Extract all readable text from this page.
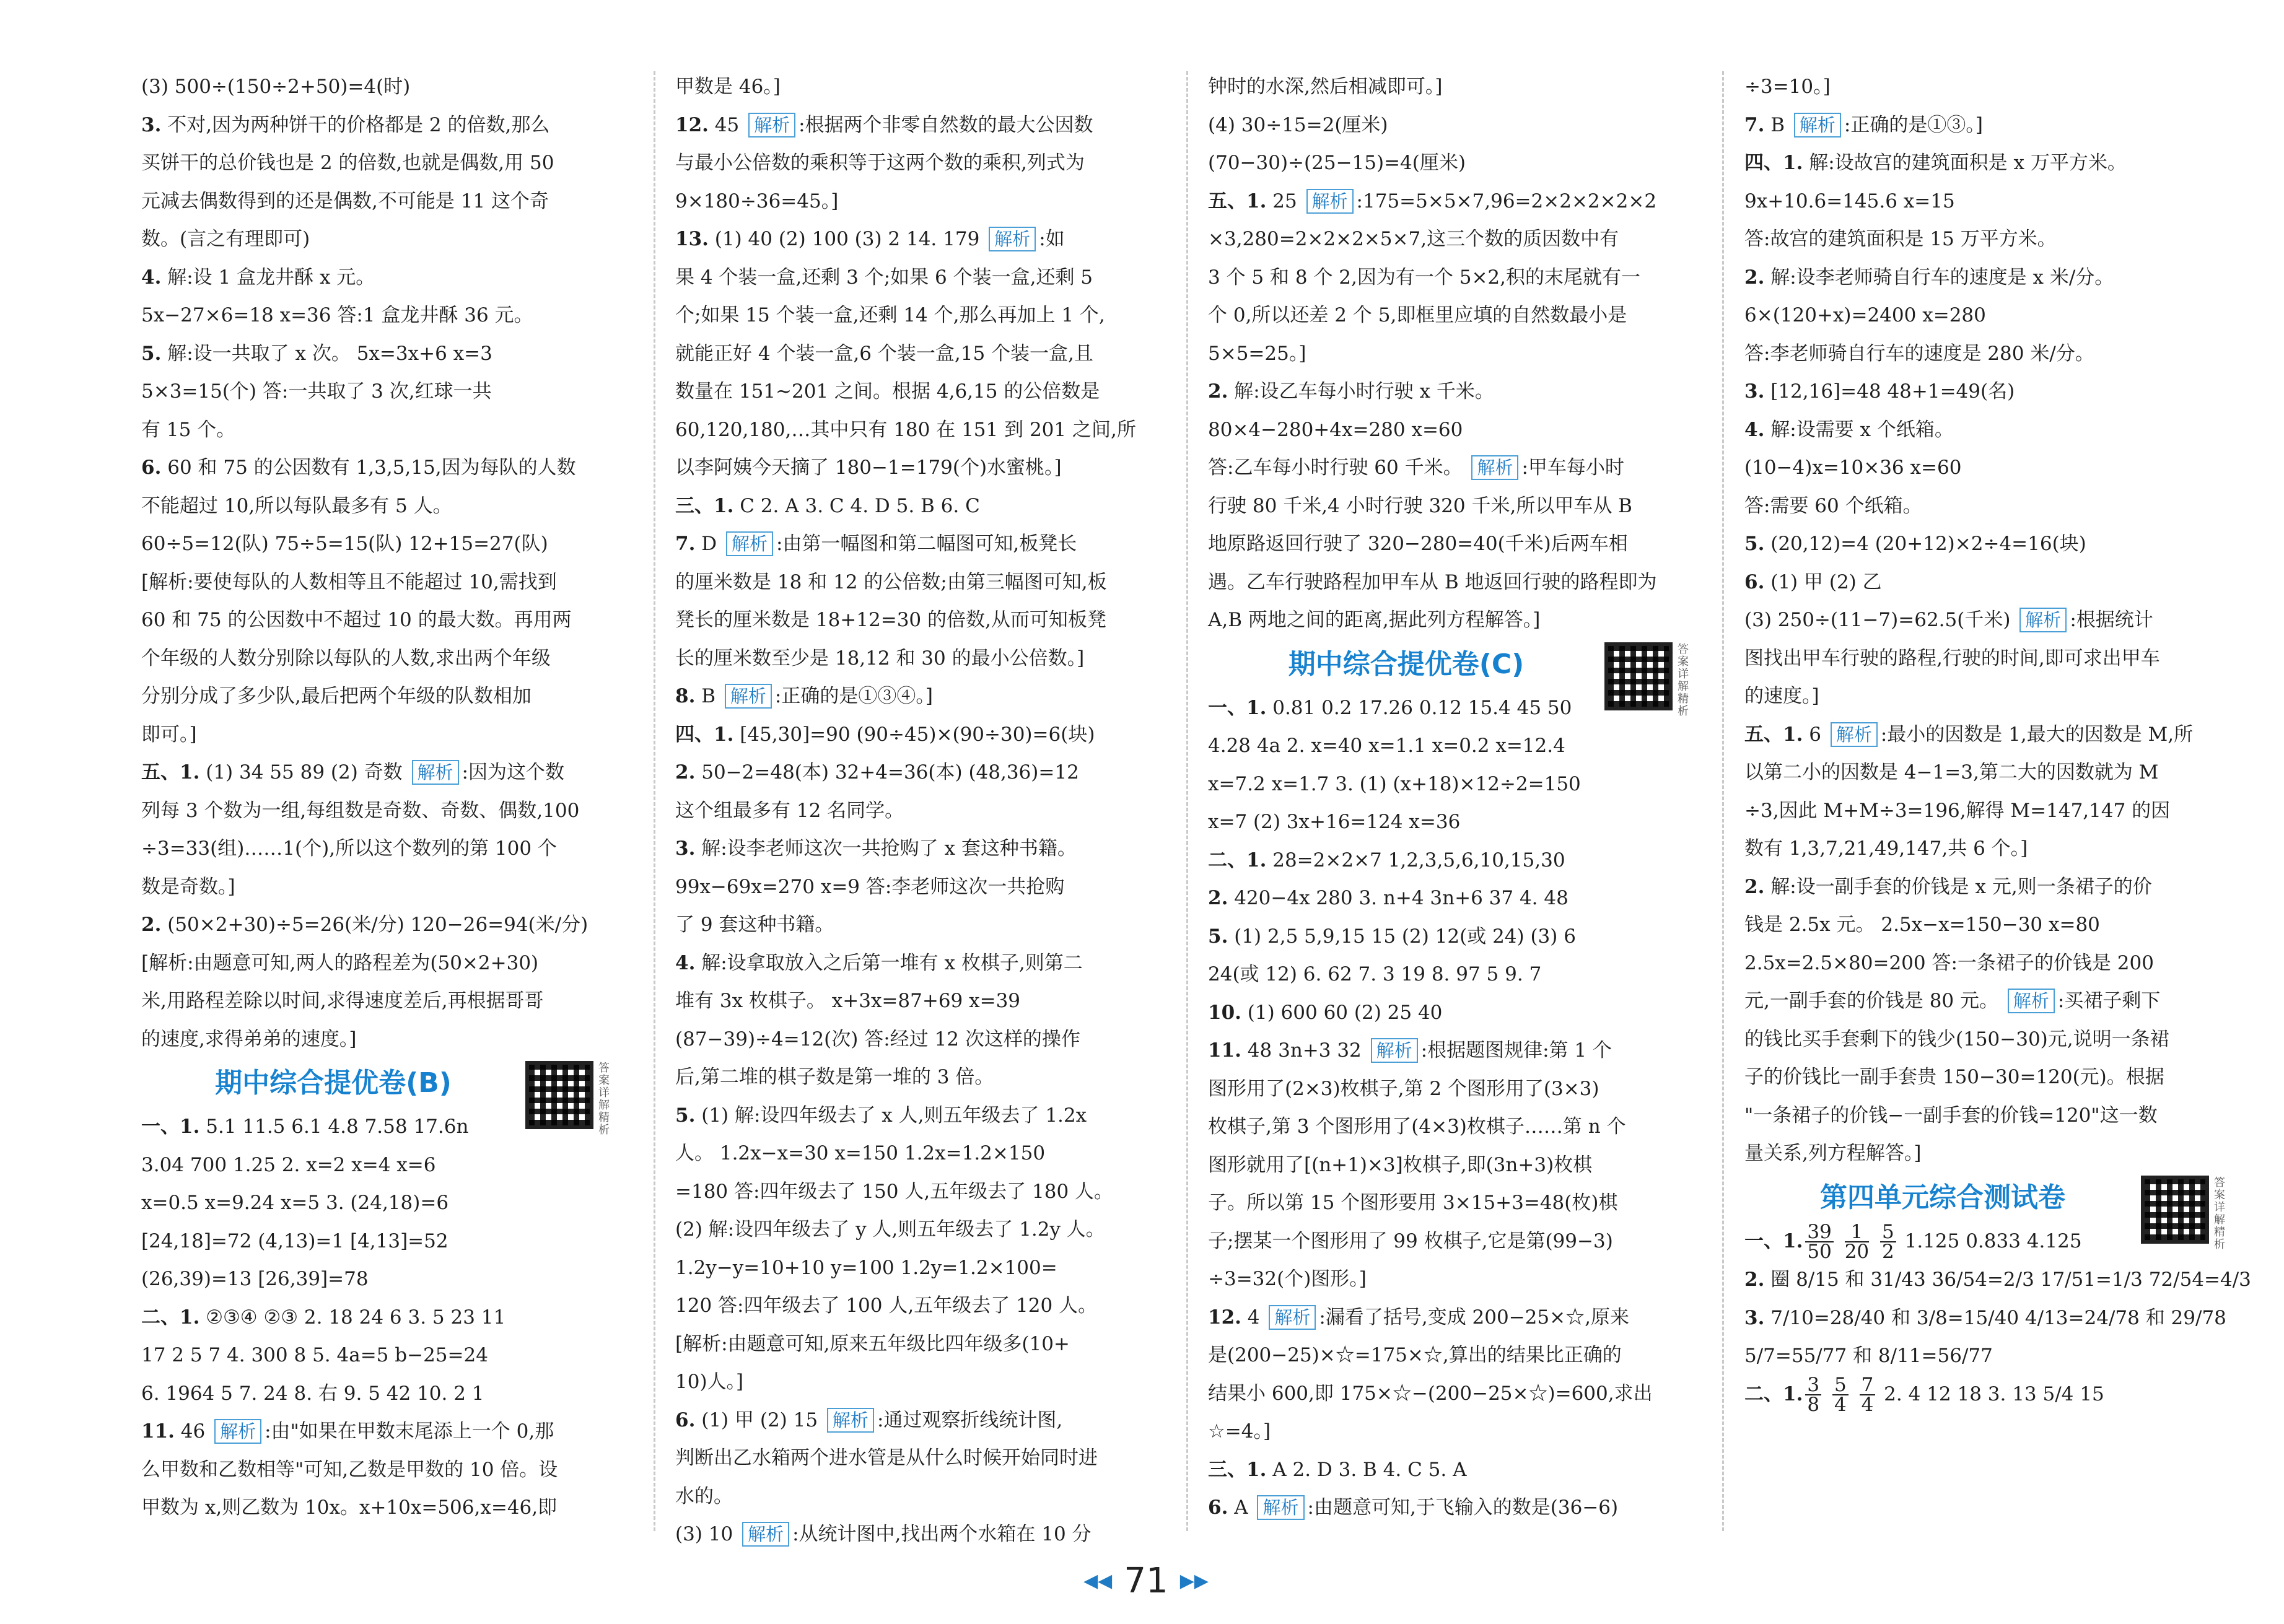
(3) 500÷(150÷2+50)=4(时)
3. 不对,因为两种饼干的价格都是 2 的倍数,那么
买饼干的总价钱也是 2 的倍数,也就是偶数,用 50
元减去偶数得到的还是偶数,不可能是 11 这个奇
数。(言之有理即可)
4. 解:设 1 盒龙井酥 x 元。
5x−27×6=18 x=36 答:1 盒龙井酥 36 元。
5. 解:设一共取了 x 次。 5x=3x+6 x=3
5×3=15(个) 答:一共取了 3 次,红球一共
有 15 个。
6. 60 和 75 的公因数有 1,3,5,15,因为每队的人数
不能超过 10,所以每队最多有 5 人。
60÷5=12(队) 75÷5=15(队) 12+15=27(队)
[解析:要使每队的人数相等且不能超过 10,需找到
60 和 75 的公因数中不超过 10 的最大数。再用两
个年级的人数分别除以每队的人数,求出两个年级
分别分成了多少队,最后把两个年级的队数相加
即可。]
五、1. (1) 34 55 89 (2) 奇数 解析 :因为这个数
列每 3 个数为一组,每组数是奇数、奇数、偶数,100
÷3=33(组)……1(个),所以这个数列的第 100 个
数是奇数。]
2. (50×2+30)÷5=26(米/分) 120−26=94(米/分)
[解析:由题意可知,两人的路程差为(50×2+30)
米,用路程差除以时间,求得速度差后,再根据哥哥
的速度,求得弟弟的速度。]
期中综合提优卷(B)	答案详解精析
一、1. 5.1 11.5 6.1 4.8 7.58 17.6n
3.04 700 1.25 2. x=2 x=4 x=6
x=0.5 x=9.24 x=5 3. (24,18)=6
[24,18]=72 (4,13)=1 [4,13]=52
(26,39)=13 [26,39]=78
二、1. ②③④ ②③ 2. 18 24 6 3. 5 23 11
17 2 5 7 4. 300 8 5. 4a=5 b−25=24
6. 1964 5 7. 24 8. 右 9. 5 42 10. 2 1
11. 46 解析 :由"如果在甲数末尾添上一个 0,那
么甲数和乙数相等"可知,乙数是甲数的 10 倍。设
甲数为 x,则乙数为 10x。x+10x=506,x=46,即
甲数是 46。]
12. 45 解析 :根据两个非零自然数的最大公因数
与最小公倍数的乘积等于这两个数的乘积,列式为
9×180÷36=45。]
13. (1) 40 (2) 100 (3) 2 14. 179 解析 :如
果 4 个装一盒,还剩 3 个;如果 6 个装一盒,还剩 5
个;如果 15 个装一盒,还剩 14 个,那么再加上 1 个,
就能正好 4 个装一盒,6 个装一盒,15 个装一盒,且
数量在 151~201 之间。根据 4,6,15 的公倍数是
60,120,180,…其中只有 180 在 151 到 201 之间,所
以李阿姨今天摘了 180−1=179(个)水蜜桃。]
三、1. C 2. A 3. C 4. D 5. B 6. C
7. D 解析 :由第一幅图和第二幅图可知,板凳长
的厘米数是 18 和 12 的公倍数;由第三幅图可知,板
凳长的厘米数是 18+12=30 的倍数,从而可知板凳
长的厘米数至少是 18,12 和 30 的最小公倍数。]
8. B 解析 :正确的是①③④。]
四、1. [45,30]=90 (90÷45)×(90÷30)=6(块)
2. 50−2=48(本) 32+4=36(本) (48,36)=12
这个组最多有 12 名同学。
3. 解:设李老师这次一共抢购了 x 套这种书籍。
99x−69x=270 x=9 答:李老师这次一共抢购
了 9 套这种书籍。
4. 解:设拿取放入之后第一堆有 x 枚棋子,则第二
堆有 3x 枚棋子。 x+3x=87+69 x=39
(87−39)÷4=12(次) 答:经过 12 次这样的操作
后,第二堆的棋子数是第一堆的 3 倍。
5. (1) 解:设四年级去了 x 人,则五年级去了 1.2x
人。 1.2x−x=30 x=150 1.2x=1.2×150
=180 答:四年级去了 150 人,五年级去了 180 人。
(2) 解:设四年级去了 y 人,则五年级去了 1.2y 人。
1.2y−y=10+10 y=100 1.2y=1.2×100=
120 答:四年级去了 100 人,五年级去了 120 人。
[解析:由题意可知,原来五年级比四年级多(10+
10)人。]
6. (1) 甲 (2) 15 解析 :通过观察折线统计图,
判断出乙水箱两个进水管是从什么时候开始同时进
水的。
(3) 10 解析 :从统计图中,找出两个水箱在 10 分
钟时的水深,然后相减即可。]
(4) 30÷15=2(厘米)
(70−30)÷(25−15)=4(厘米)
五、1. 25 解析 :175=5×5×7,96=2×2×2×2×2
×3,280=2×2×2×5×7,这三个数的质因数中有
3 个 5 和 8 个 2,因为有一个 5×2,积的末尾就有一
个 0,所以还差 2 个 5,即框里应填的自然数最小是
5×5=25。]
2. 解:设乙车每小时行驶 x 千米。
80×4−280+4x=280 x=60
答:乙车每小时行驶 60 千米。 解析 :甲车每小时
行驶 80 千米,4 小时行驶 320 千米,所以甲车从 B
地原路返回行驶了 320−280=40(千米)后两车相
遇。乙车行驶路程加甲车从 B 地返回行驶的路程即为
A,B 两地之间的距离,据此列方程解答。]
期中综合提优卷(C)	答案详解精析
一、1. 0.81 0.2 17.26 0.12 15.4 45 50
4.28 4a 2. x=40 x=1.1 x=0.2 x=12.4
x=7.2 x=1.7 3. (1) (x+18)×12÷2=150
x=7 (2) 3x+16=124 x=36
二、1. 28=2×2×7 1,2,3,5,6,10,15,30
2. 420−4x 280 3. n+4 3n+6 37 4. 48
5. (1) 2,5 5,9,15 15 (2) 12(或 24) (3) 6
24(或 12) 6. 62 7. 3 19 8. 97 5 9. 7
10. (1) 600 60 (2) 25 40
11. 48 3n+3 32 解析 :根据题图规律:第 1 个
图形用了(2×3)枚棋子,第 2 个图形用了(3×3)
枚棋子,第 3 个图形用了(4×3)枚棋子……第 n 个
图形就用了[(n+1)×3]枚棋子,即(3n+3)枚棋
子。所以第 15 个图形要用 3×15+3=48(枚)棋
子;摆某一个图形用了 99 枚棋子,它是第(99−3)
÷3=32(个)图形。]
12. 4 解析 :漏看了括号,变成 200−25×☆,原来
是(200−25)×☆=175×☆,算出的结果比正确的
结果小 600,即 175×☆−(200−25×☆)=600,求出
☆=4。]
三、1. A 2. D 3. B 4. C 5. A
6. A 解析 :由题意可知,于飞输入的数是(36−6)
÷3=10。]
7. B 解析 :正确的是①③。]
四、1. 解:设故宫的建筑面积是 x 万平方米。
9x+10.6=145.6 x=15
答:故宫的建筑面积是 15 万平方米。
2. 解:设李老师骑自行车的速度是 x 米/分。
6×(120+x)=2400 x=280
答:李老师骑自行车的速度是 280 米/分。
3. [12,16]=48 48+1=49(名)
4. 解:设需要 x 个纸箱。
(10−4)x=10×36 x=60
答:需要 60 个纸箱。
5. (20,12)=4 (20+12)×2÷4=16(块)
6. (1) 甲 (2) 乙
(3) 250÷(11−7)=62.5(千米) 解析 :根据统计
图找出甲车行驶的路程,行驶的时间,即可求出甲车
的速度。]
五、1. 6 解析 :最小的因数是 1,最大的因数是 M,所
以第二小的因数是 4−1=3,第二大的因数就为 M
÷3,因此 M+M÷3=196,解得 M=147,147 的因
数有 1,3,7,21,49,147,共 6 个。]
2. 解:设一副手套的价钱是 x 元,则一条裙子的价
钱是 2.5x 元。 2.5x−x=150−30 x=80
2.5x=2.5×80=200 答:一条裙子的价钱是 200
元,一副手套的价钱是 80 元。 解析 :买裙子剩下
的钱比买手套剩下的钱少(150−30)元,说明一条裙
子的价钱比一副手套贵 150−30=120(元)。根据
"一条裙子的价钱−一副手套的价钱=120"这一数
量关系,列方程解答。]
第四单元综合测试卷	答案详解精析
一、1. $\frac{39}{50}$
$\frac{1}{20}$
$\frac{5}{2} 1.125$ 0.833 4.125
2. 圈 8/15 和 31/43 36/54=2/3 17/51=1/3 72/54=4/3
3. 7/10=28/40 和 3/8=15/40 4/13=24/78 和 29/78
5/7=55/77 和 8/11=56/77
二、1. $\frac{3}{8}$
$\frac{5}{4}$
$\frac{7}{4} 2$. 4 12 18 3. 13 5/4 15
◀◀ 71 ▶▶
